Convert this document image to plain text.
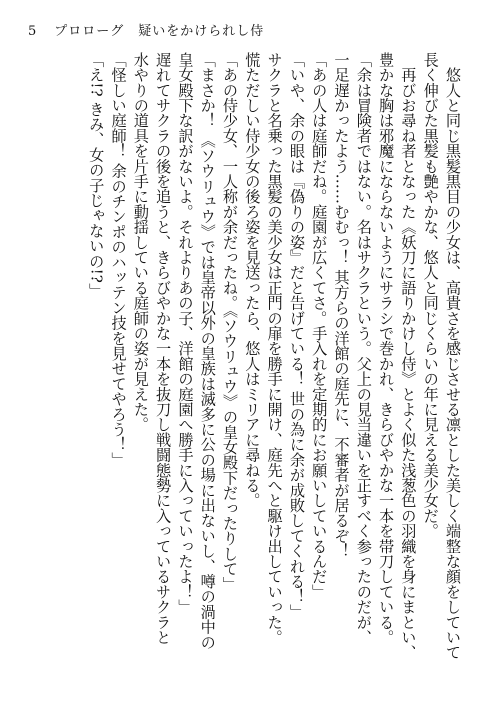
5 プロローグ 疑いをかけられし侍

悠人と同じ黒髪黒目の少女は、高貴さを感じさせる凛とした美しく端整な顔をしていて

長く伸びた黒髪も艶やかな、悠人と同じくらいの年に見える美少女だ。

再びお尋ね者となった《妖刀に語りかけし侍》とよく似た浅葱色の羽織を身にまとい、

豊かな胸は邪魔にならないようにサラシで巻かれ、きらびやかな一本を帯刀している。

「余は冒険者ではない。名はサクラという。父上の見当違いを正すべく参ったのだが、

一足遅かったよう……むむっ！ 其方らの洋館の庭先に、不審者が居るぞ！

「あの人は庭師だね。庭園が広くてさ。手入れを定期的にお願いしているんだ」

「いや、余の眼は『偽りの姿』だと告げている！ 世の為に余が成敗してくれる！」

サクラと名乗った黒髪の美少女は正門の扉を勝手に開け、庭先へと駆け出していった。

慌ただしい侍少女の後ろ姿を見送ったら、悠人はミリアに尋ねる。

「あの侍少女、一人称が余だったね。《ソウリュウ》の皇女殿下だったりして」

「まさか！ 《ソウリュウ》では皇帝以外の皇族は滅多に公の場に出ないし、噂の渦中の

皇女殿下な訳がないよ。それよりあの子、洋館の庭園へ勝手に入っていったよ！」

遅れてサクラの後を追うと、きらびやかな一本を抜刀し戦闘態勢に入っているサクラと

水やりの道具を片手に動揺している庭師の姿が見えた。

「怪しい庭師！ 余のチンポのハッテン技を見せてやろう！」

「え!? きみ、女の子じゃないの!?」
